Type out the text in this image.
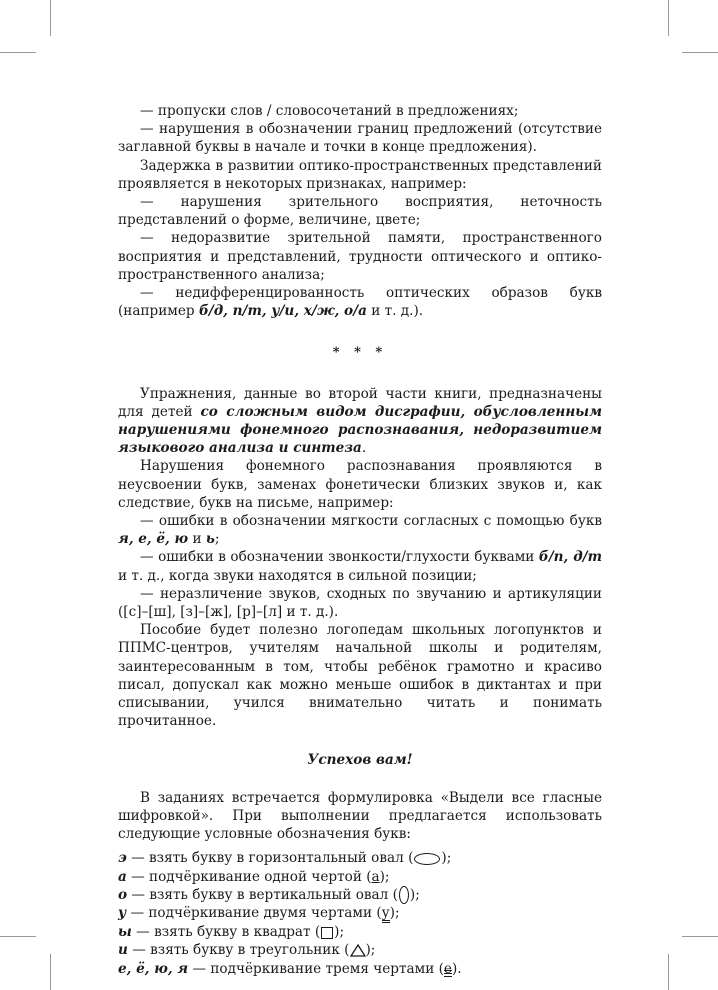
— пропуски слов / словосочетаний в предложениях;

— нарушения в обозначении границ предложений (отсутствие заглавной буквы в начале и точки в конце предложения).

Задержка в развитии оптико-пространственных представлений проявляется в некоторых признаках, например:

— нарушения зрительного восприятия, неточность представлений о форме, величине, цвете;

— недоразвитие зрительной памяти, пространственного восприятия и представлений, трудности оптического и оптико-пространственного анализа;

— недифференцированность оптических образов букв (например б/д, п/т, у/и, х/ж, о/а и т. д.).

* * *

Упражнения, данные во второй части книги, предназначены для детей со сложным видом дисграфии, обусловленным нарушениями фонемного распознавания, недоразвитием языкового анализа и синтеза.

Нарушения фонемного распознавания проявляются в неусвоении букв, заменах фонетически близких звуков и, как следствие, букв на письме, например:

— ошибки в обозначении мягкости согласных с помощью букв я, е, ё, ю и ь;

— ошибки в обозначении звонкости/глухости буквами б/п, д/т и т. д., когда звуки находятся в сильной позиции;

— неразличение звуков, сходных по звучанию и артикуляции ([с]–[ш], [з]–[ж], [р]–[л] и т. д.).

Пособие будет полезно логопедам школьных логопунктов и ППМС-центров, учителям начальной школы и родителям, заинтересованным в том, чтобы ребёнок грамотно и красиво писал, допускал как можно меньше ошибок в диктантах и при списывании, учился внимательно читать и понимать прочитанное.

Успехов вам!

В заданиях встречается формулировка «Выдели все гласные шифровкой». При выполнении предлагается использовать следующие условные обозначения букв:

э — взять букву в горизонтальный овал ( );
а — подчёркивание одной чертой (а);
о — взять букву в вертикальный овал ( );
у — подчёркивание двумя чертами (у);
ы — взять букву в квадрат ( );
и — взять букву в треугольник ( );
е, ё, ю, я — подчёркивание тремя чертами (е).
